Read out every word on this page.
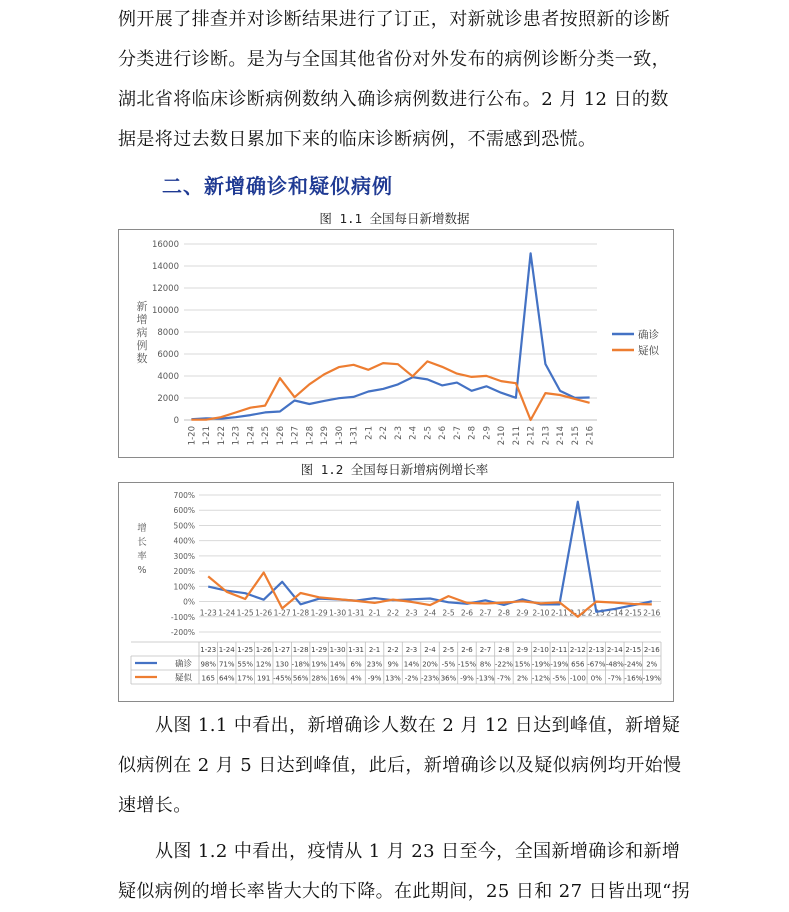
例开展了排查并对诊断结果进行了订正，对新就诊患者按照新的诊断
分类进行诊断。是为与全国其他省份对外发布的病例诊断分类一致，
湖北省将临床诊断病例数纳入确诊病例数进行公布。2 月 12 日的数
据是将过去数日累加下来的临床诊断病例，不需感到恐慌。
二、新增确诊和疑似病例
图 1.1 全国每日新增数据
0
2000
4000
6000
8000
10000
12000
14000
16000
1-20 1-21 1-22 1-23 1-24 1-25 1-26 1-27 1-28 1-29 1-30 1-31 2-1 2-2 2-3 2-4 2-5 2-6 2-7 2-8 2-9 2-10 2-11 2-12 2-13 2-14 2-15 2-16
新
增
病
例
数
确诊
疑似
图 1.2 全国每日新增病例增长率
700%
600%
500%
400%
300%
200%
100%
0%
-100%
-200%
1-23 1-24 1-25 1-26 1-27 1-28 1-29 1-30 1-31 2-1 2-2 2-3 2-4 2-5 2-6 2-7 2-8 2-9 2-10 2-11 2-12 2-13 2-14 2-15 2-16
增
长
率
%
1-23 1-24 1-25 1-26 1-27 1-28 1-29 1-30 1-31 2-1 2-2 2-3 2-4 2-5 2-6 2-7 2-8 2-9 2-10 2-11 2-12 2-13 2-14 2-15 2-16
确诊 98% 71% 55% 12% 130 -18% 19% 14% 6% 23% 9% 14% 20% -5% -15% 8% -22% 15% -19% -19% 656 -67% -48% -24% 2%
疑似 165 64% 17% 191 -45% 56% 28% 16% 4% -9% 13% -2% -23% 36% -9% -13% -7% 2% -12% -5% -100 0% -7% -16% -19%
从图 1.1 中看出，新增确诊人数在 2 月 12 日达到峰值，新增疑
似病例在 2 月 5 日达到峰值，此后，新增确诊以及疑似病例均开始慢
速增长。
从图 1.2 中看出，疫情从 1 月 23 日至今，全国新增确诊和新增
疑似病例的增长率皆大大的下降。在此期间，25 日和 27 日皆出现“拐
